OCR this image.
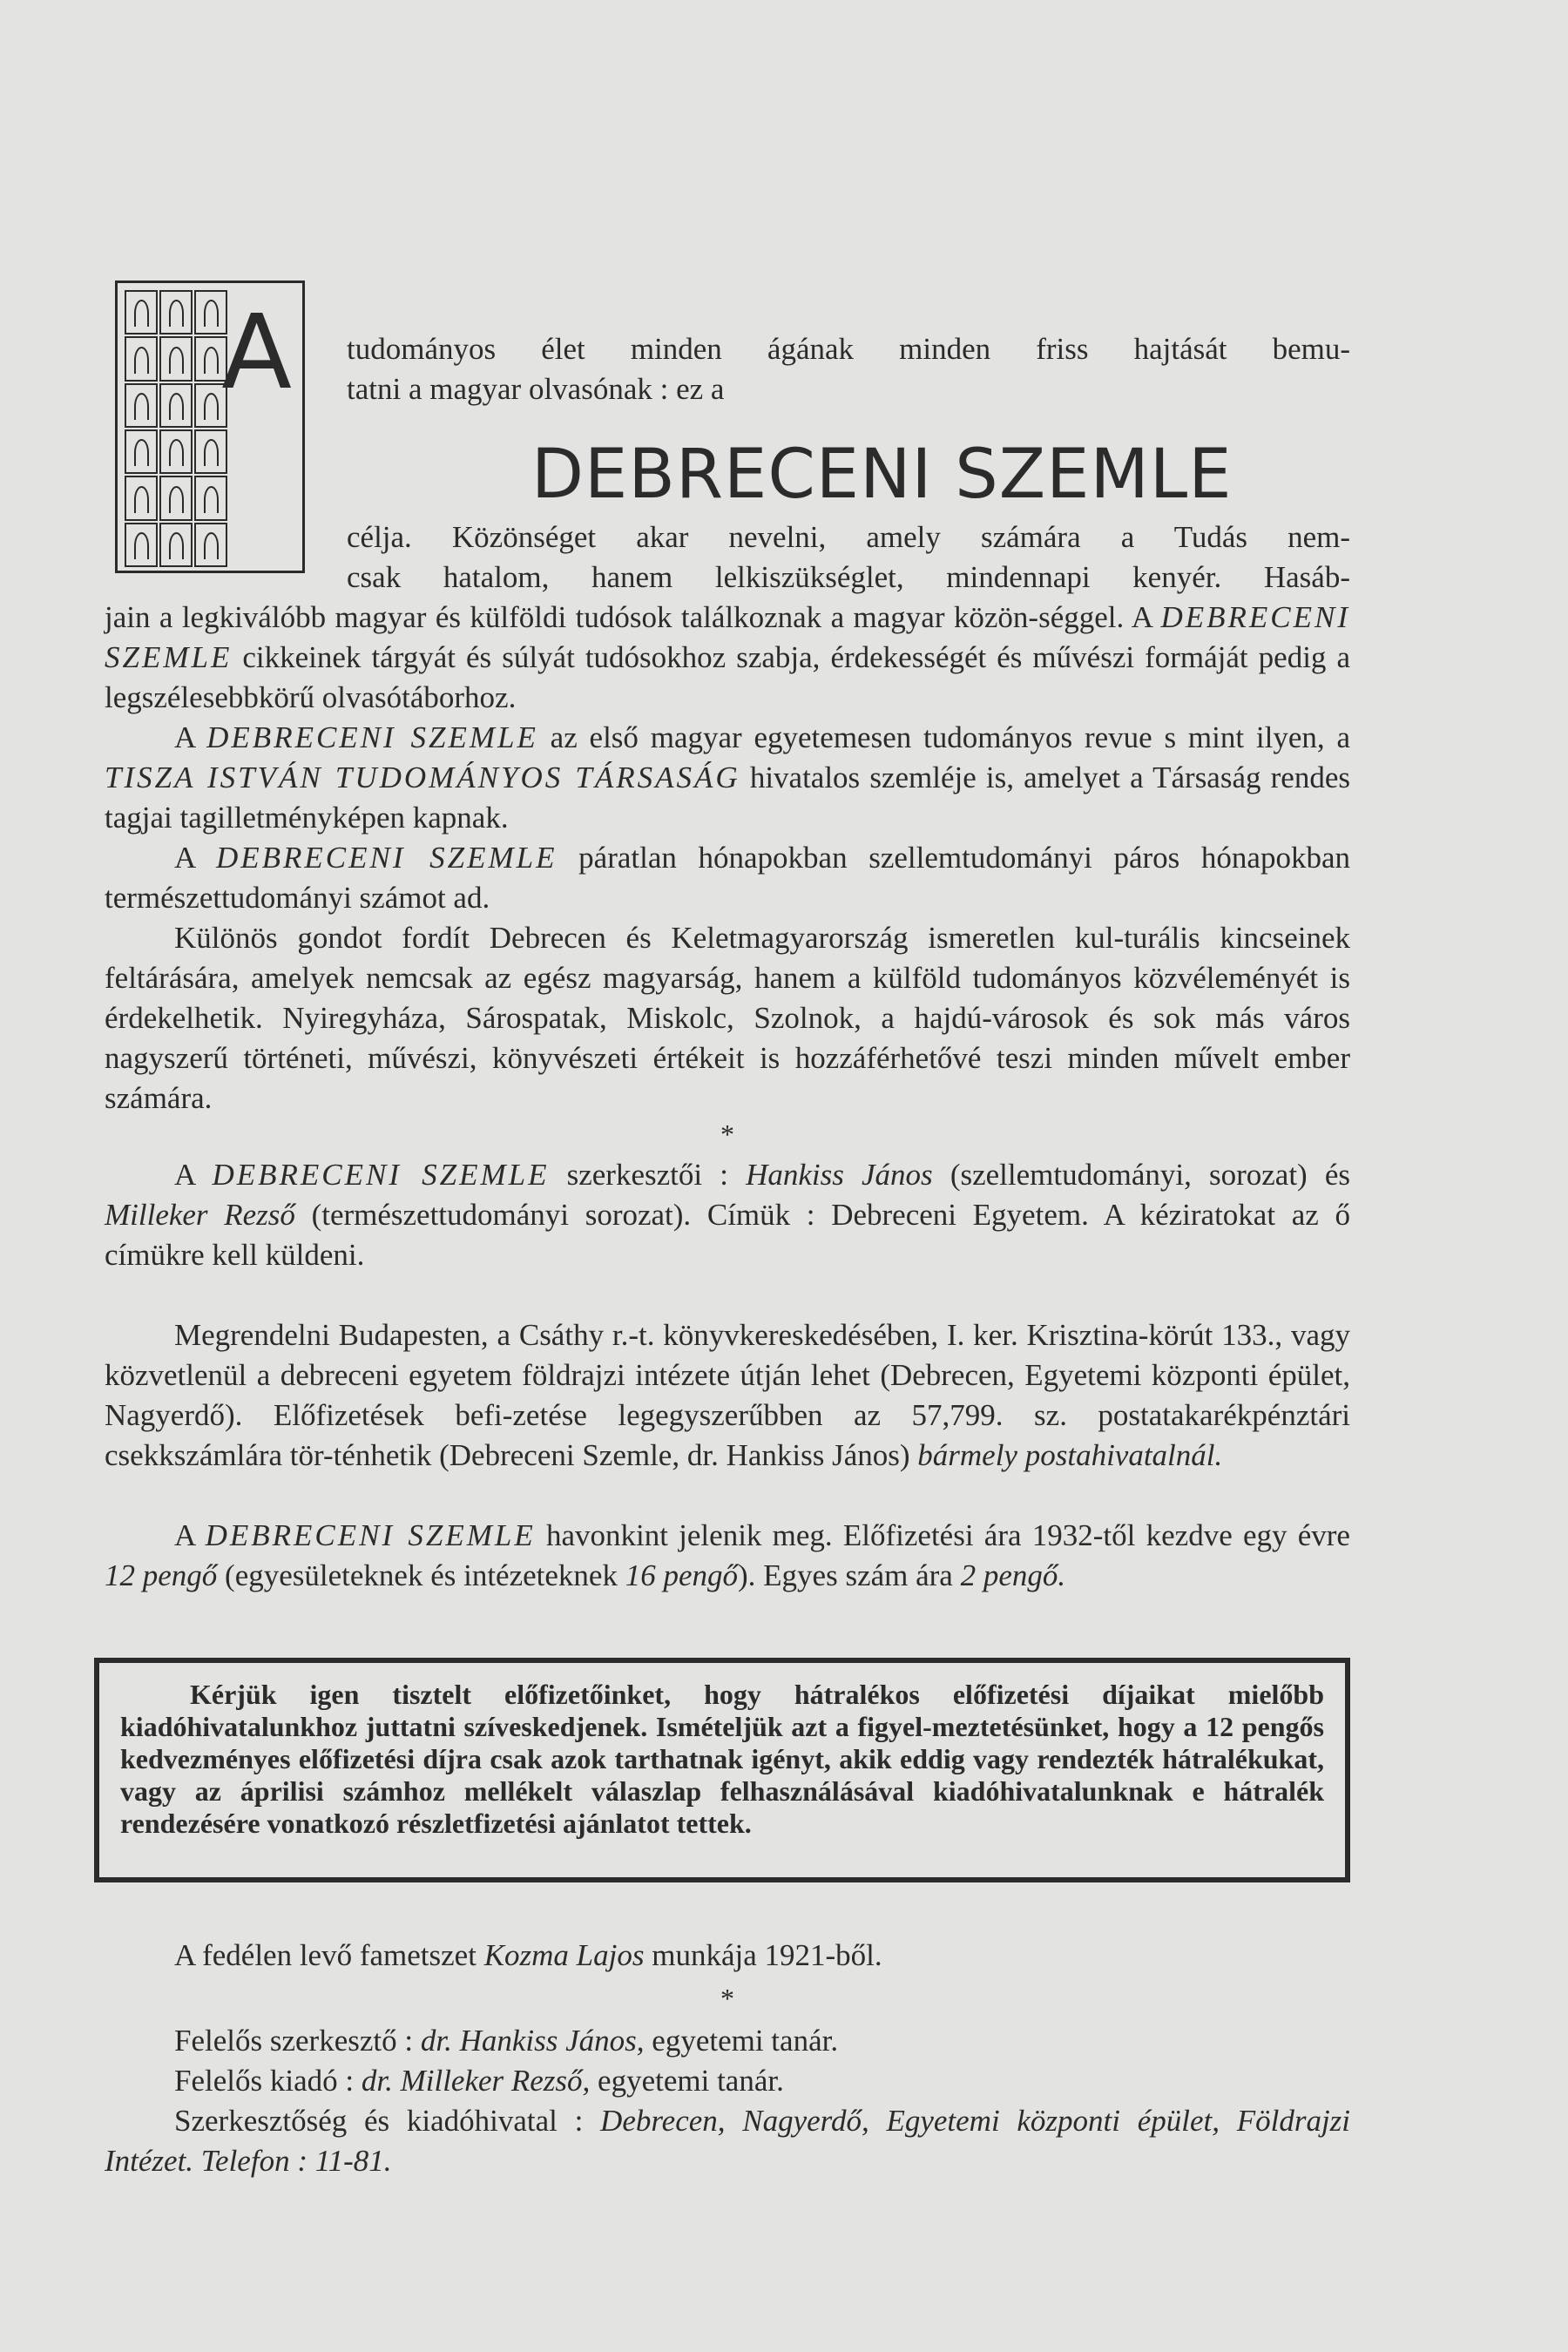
A tudományos élet minden ágának minden friss hajtását bemu-

tatni a magyar olvasónak : ez a

DEBRECENI SZEMLE

célja. Közönséget akar nevelni, amely számára a Tudás nem-

csak hatalom, hanem lelkiszükséglet, mindennapi kenyér. Hasáb-

jain a legkiválóbb magyar és külföldi tudósok találkoznak a magyar közön-séggel. A DEBRECENI SZEMLE cikkeinek tárgyát és súlyát tudósokhoz szabja, érdekességét és művészi formáját pedig a legszélesebbkörű olvasótáborhoz.

A DEBRECENI SZEMLE az első magyar egyetemesen tudományos revue s mint ilyen, a TISZA ISTVÁN TUDOMÁNYOS TÁRSASÁG hivatalos szemléje is, amelyet a Társaság rendes tagjai tagilletményképen kapnak.

A DEBRECENI SZEMLE páratlan hónapokban szellemtudományi páros hónapokban természettudományi számot ad.

Különös gondot fordít Debrecen és Keletmagyarország ismeretlen kul-turális kincseinek feltárására, amelyek nemcsak az egész magyarság, hanem a külföld tudományos közvéleményét is érdekelhetik. Nyiregyháza, Sárospatak, Miskolc, Szolnok, a hajdú-városok és sok más város nagyszerű történeti, művészi, könyvészeti értékeit is hozzáférhetővé teszi minden művelt ember számára.

*

A DEBRECENI SZEMLE szerkesztői : Hankiss János (szellemtudományi, sorozat) és Milleker Rezső (természettudományi sorozat). Címük : Debreceni Egyetem. A kéziratokat az ő címükre kell küldeni.

Megrendelni Budapesten, a Csáthy r.-t. könyvkereskedésében, I. ker. Krisztina-körút 133., vagy közvetlenül a debreceni egyetem földrajzi intézete útján lehet (Debrecen, Egyetemi központi épület, Nagyerdő). Előfizetések befi-zetése legegyszerűbben az 57,799. sz. postatakarékpénztári csekkszámlára tör-ténhetik (Debreceni Szemle, dr. Hankiss János) bármely postahivatalnál.

A DEBRECENI SZEMLE havonkint jelenik meg. Előfizetési ára 1932-től kezdve egy évre 12 pengő (egyesületeknek és intézeteknek 16 pengő). Egyes szám ára 2 pengő.

Kérjük igen tisztelt előfizetőinket, hogy hátralékos előfizetési díjaikat mielőbb kiadóhivatalunkhoz juttatni szíveskedjenek. Ismételjük azt a figyel-meztetésünket, hogy a 12 pengős kedvezményes előfizetési díjra csak azok tarthatnak igényt, akik eddig vagy rendezték hátralékukat, vagy az áprilisi számhoz mellékelt válaszlap felhasználásával kiadóhivatalunknak e hátralék rendezésére vonatkozó részletfizetési ajánlatot tettek.

A fedélen levő fametszet Kozma Lajos munkája 1921-ből.

*

Felelős szerkesztő : dr. Hankiss János, egyetemi tanár.

Felelős kiadó : dr. Milleker Rezső, egyetemi tanár.

Szerkesztőség és kiadóhivatal : Debrecen, Nagyerdő, Egyetemi központi épület, Földrajzi Intézet. Telefon : 11-81.
